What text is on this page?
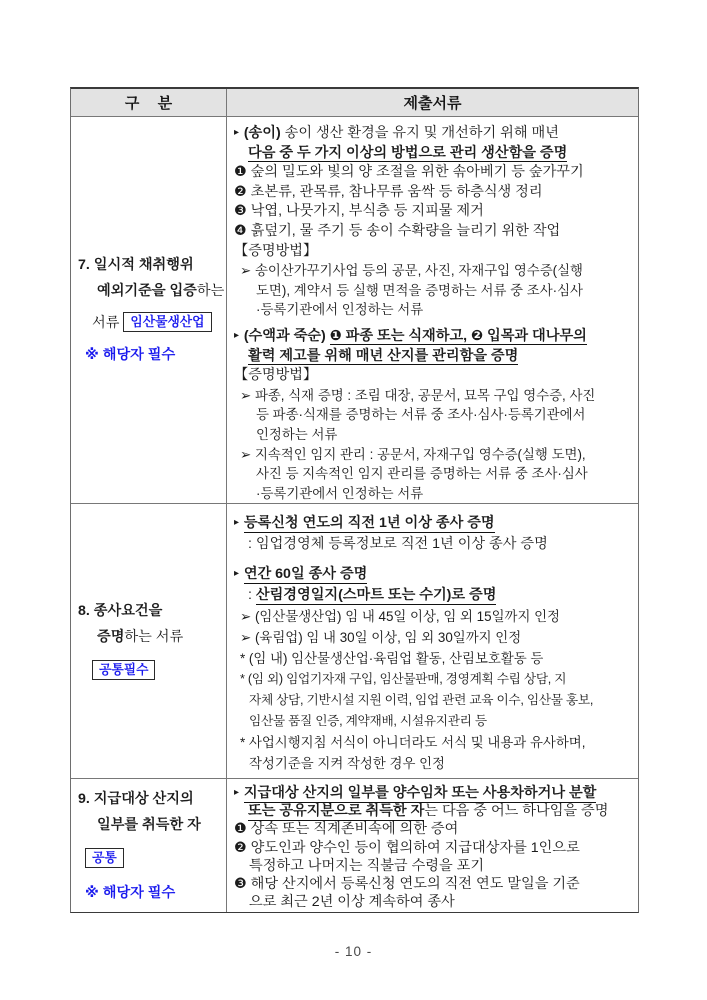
구 분	제출서류
7. 일시적 채취행위
예외기준을 입증하는
서류 임산물생산업
※ 해당자 필수
▸ (송이) 송이 생산 환경을 유지 및 개선하기 위해 매년
다음 중 두 가지 이상의 방법으로 관리 생산함을 증명
❶ 숲의 밀도와 빛의 양 조절을 위한 솎아베기 등 숲가꾸기
❷ 초본류, 관목류, 참나무류 움싹 등 하층식생 정리
❸ 낙엽, 나뭇가지, 부식층 등 지피물 제거
❹ 흙덮기, 물 주기 등 송이 수확량을 늘리기 위한 작업
【증명방법】
➢ 송이산가꾸기사업 등의 공문, 사진, 자재구입 영수증(실행
도면), 계약서 등 실행 면적을 증명하는 서류 중 조사·심사
·등록기관에서 인정하는 서류
▸ (수액과 죽순) ❶ 파종 또는 식재하고, ❷ 입목과 대나무의
활력 제고를 위해 매년 산지를 관리함을 증명
【증명방법】
➢ 파종, 식재 증명 : 조림 대장, 공문서, 묘목 구입 영수증, 사진
등 파종·식재를 증명하는 서류 중 조사·심사·등록기관에서
인정하는 서류
➢ 지속적인 임지 관리 : 공문서, 자재구입 영수증(실행 도면),
사진 등 지속적인 임지 관리를 증명하는 서류 중 조사·심사
·등록기관에서 인정하는 서류
8. 종사요건을
증명하는 서류
공통필수
▸ 등록신청 연도의 직전 1년 이상 종사 증명
: 임업경영체 등록정보로 직전 1년 이상 종사 증명
▸ 연간 60일 종사 증명
: 산림경영일지(스마트 또는 수기)로 증명
➢ (임산물생산업) 임 내 45일 이상, 임 외 15일까지 인정
➢ (육림업) 임 내 30일 이상, 임 외 30일까지 인정
* (임 내) 임산물생산업·육림업 활동, 산림보호활동 등
* (임 외) 임업기자재 구입, 임산물판매, 경영계획 수립 상담, 지
자체 상담, 기반시설 지원 이력, 임업 관련 교육 이수, 임산물 홍보,
임산물 품질 인증, 계약재배, 시설유지관리 등
* 사업시행지침 서식이 아니더라도 서식 및 내용과 유사하며,
작성기준을 지켜 작성한 경우 인정
9. 지급대상 산지의
일부를 취득한 자
공통
※ 해당자 필수
▸ 지급대상 산지의 일부를 양수임차 또는 사용차하거나 분할
또는 공유지분으로 취득한 자는 다음 중 어느 하나임을 증명
❶ 상속 또는 직계존비속에 의한 증여
❷ 양도인과 양수인 등이 협의하여 지급대상자를 1인으로
특정하고 나머지는 직불금 수령을 포기
❸ 해당 산지에서 등록신청 연도의 직전 연도 말일을 기준
으로 최근 2년 이상 계속하여 종사
- 10 -
